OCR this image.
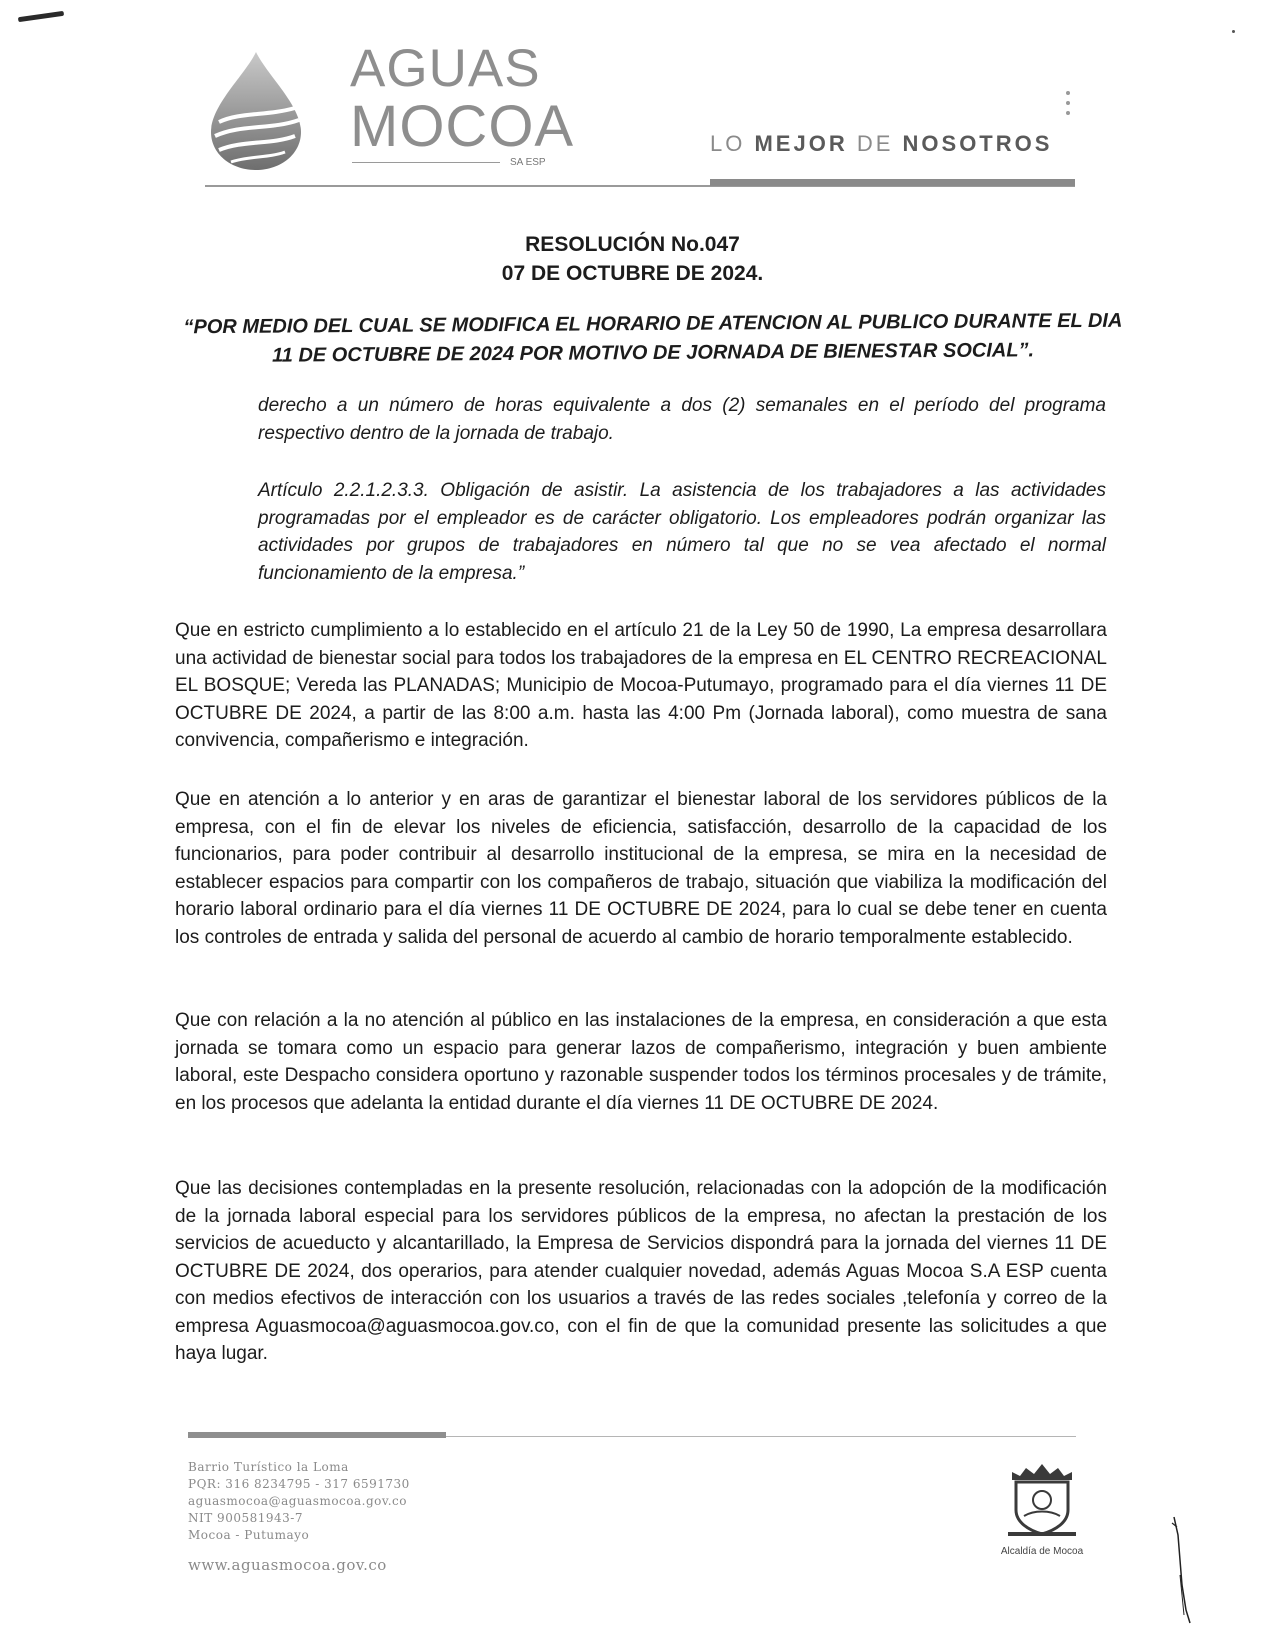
AGUAS
MOCOA
SA ESP
LO MEJOR DE NOSOTROS
RESOLUCIÓN No.047
07 DE OCTUBRE DE 2024.
“POR MEDIO DEL CUAL SE MODIFICA EL HORARIO DE ATENCION AL PUBLICO DURANTE EL DIA
11 DE OCTUBRE DE 2024 POR MOTIVO DE JORNADA DE BIENESTAR SOCIAL”.
derecho a un número de horas equivalente a dos (2) semanales en el período del programa respectivo dentro de la jornada de trabajo.
Artículo 2.2.1.2.3.3. Obligación de asistir. La asistencia de los trabajadores a las actividades programadas por el empleador es de carácter obligatorio. Los empleadores podrán organizar las actividades por grupos de trabajadores en número tal que no se vea afectado el normal funcionamiento de la empresa.”
Que en estricto cumplimiento a lo establecido en el artículo 21 de la Ley 50 de 1990, La empresa desarrollara una actividad de bienestar social para todos los trabajadores de la empresa en EL CENTRO RECREACIONAL EL BOSQUE; Vereda las PLANADAS; Municipio de Mocoa-Putumayo, programado para el día viernes 11 DE OCTUBRE DE 2024, a partir de las 8:00 a.m. hasta las 4:00 Pm (Jornada laboral), como muestra de sana convivencia, compañerismo e integración.
Que en atención a lo anterior y en aras de garantizar el bienestar laboral de los servidores públicos de la empresa, con el fin de elevar los niveles de eficiencia, satisfacción, desarrollo de la capacidad de los funcionarios, para poder contribuir al desarrollo institucional de la empresa, se mira en la necesidad de establecer espacios para compartir con los compañeros de trabajo, situación que viabiliza la modificación del horario laboral ordinario para el día viernes 11 DE OCTUBRE DE 2024, para lo cual se debe tener en cuenta los controles de entrada y salida del personal de acuerdo al cambio de horario temporalmente establecido.
Que con relación a la no atención al público en las instalaciones de la empresa, en consideración a que esta jornada se tomara como un espacio para generar lazos de compañerismo, integración y buen ambiente laboral, este Despacho considera oportuno y razonable suspender todos los términos procesales y de trámite, en los procesos que adelanta la entidad durante el día viernes 11 DE OCTUBRE DE 2024.
Que las decisiones contempladas en la presente resolución, relacionadas con la adopción de la modificación de la jornada laboral especial para los servidores públicos de la empresa, no afectan la prestación de los servicios de acueducto y alcantarillado, la Empresa de Servicios dispondrá para la jornada del viernes 11 DE OCTUBRE DE 2024, dos operarios, para atender cualquier novedad, además Aguas Mocoa S.A ESP cuenta con medios efectivos de interacción con los usuarios a través de las redes sociales ,telefonía y correo de la empresa Aguasmocoa@aguasmocoa.gov.co, con el fin de que la comunidad presente las solicitudes a que haya lugar.
Barrio Turístico la Loma
PQR: 316 8234795 - 317 6591730
aguasmocoa@aguasmocoa.gov.co
NIT 900581943-7
Mocoa - Putumayo
www.aguasmocoa.gov.co
Alcaldía de Mocoa
